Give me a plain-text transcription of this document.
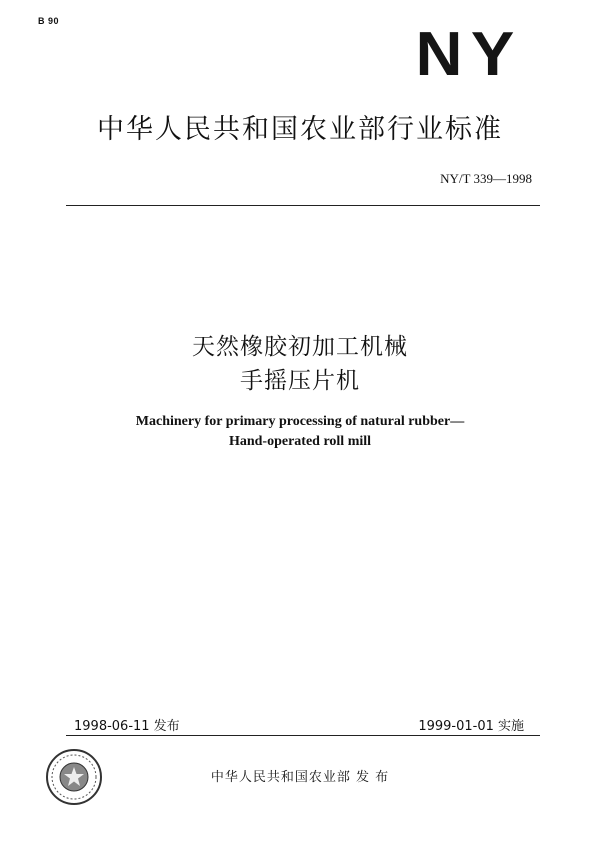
B 90	NY
中华人民共和国农业部行业标准
NY/T 339—1998
天然橡胶初加工机械
手摇压片机
Machinery for primary processing of natural rubber—
Hand-operated roll mill
1998-06-11 发布	1999-01-01 实施
中华人民共和国农业部 发 布
